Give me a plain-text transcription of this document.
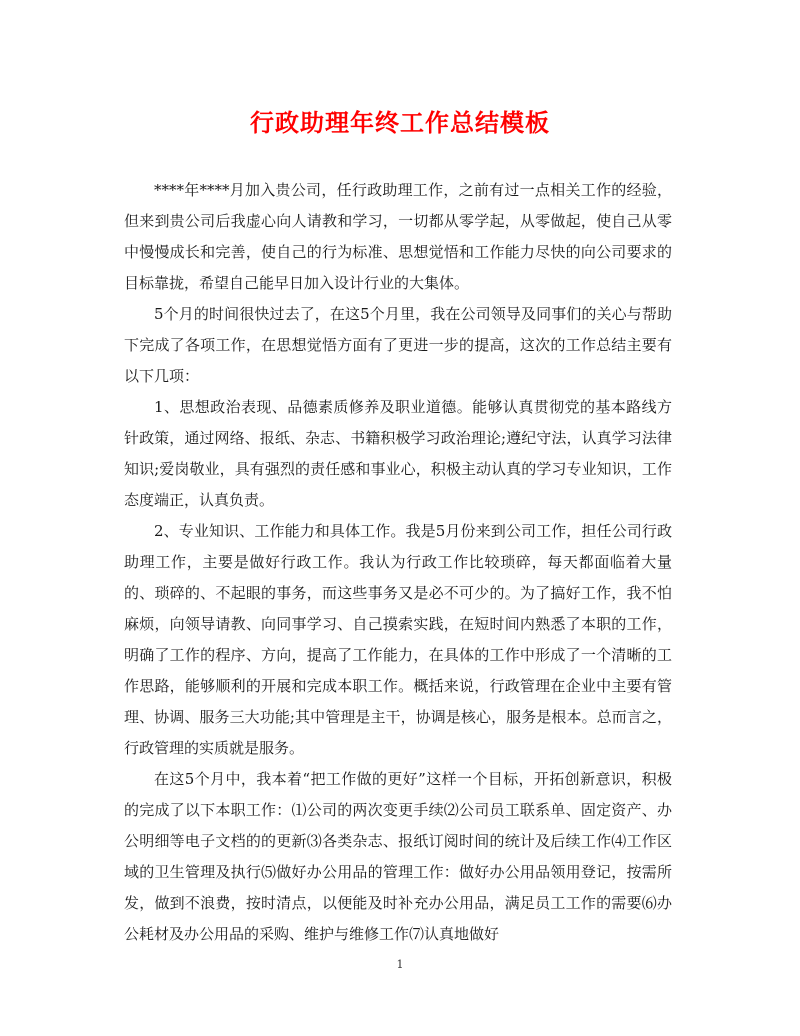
行政助理年终工作总结模板

****年****月加入贵公司，任行政助理工作，之前有过一点相关工作的经验，但来到贵公司后我虚心向人请教和学习，一切都从零学起，从零做起，使自己从零中慢慢成长和完善，使自己的行为标准、思想觉悟和工作能力尽快的向公司要求的目标靠拢，希望自己能早日加入设计行业的大集体。

5个月的时间很快过去了，在这5个月里，我在公司领导及同事们的关心与帮助下完成了各项工作，在思想觉悟方面有了更进一步的提高，这次的工作总结主要有以下几项：

1、思想政治表现、品德素质修养及职业道德。能够认真贯彻党的基本路线方针政策，通过网络、报纸、杂志、书籍积极学习政治理论;遵纪守法，认真学习法律知识;爱岗敬业，具有强烈的责任感和事业心，积极主动认真的学习专业知识，工作态度端正，认真负责。

2、专业知识、工作能力和具体工作。我是5月份来到公司工作，担任公司行政助理工作，主要是做好行政工作。我认为行政工作比较琐碎，每天都面临着大量的、琐碎的、不起眼的事务，而这些事务又是必不可少的。为了搞好工作，我不怕麻烦，向领导请教、向同事学习、自己摸索实践，在短时间内熟悉了本职的工作，明确了工作的程序、方向，提高了工作能力，在具体的工作中形成了一个清晰的工作思路，能够顺利的开展和完成本职工作。概括来说，行政管理在企业中主要有管理、协调、服务三大功能;其中管理是主干，协调是核心，服务是根本。总而言之，行政管理的实质就是服务。

在这5个月中，我本着“把工作做的更好”这样一个目标，开拓创新意识，积极的完成了以下本职工作：⑴公司的两次变更手续⑵公司员工联系单、固定资产、办公明细等电子文档的的更新⑶各类杂志、报纸订阅时间的统计及后续工作⑷工作区域的卫生管理及执行⑸做好办公用品的管理工作：做好办公用品领用登记，按需所发，做到不浪费，按时清点，以便能及时补充办公用品，满足员工工作的需要⑹办公耗材及办公用品的采购、维护与维修工作⑺认真地做好

1
